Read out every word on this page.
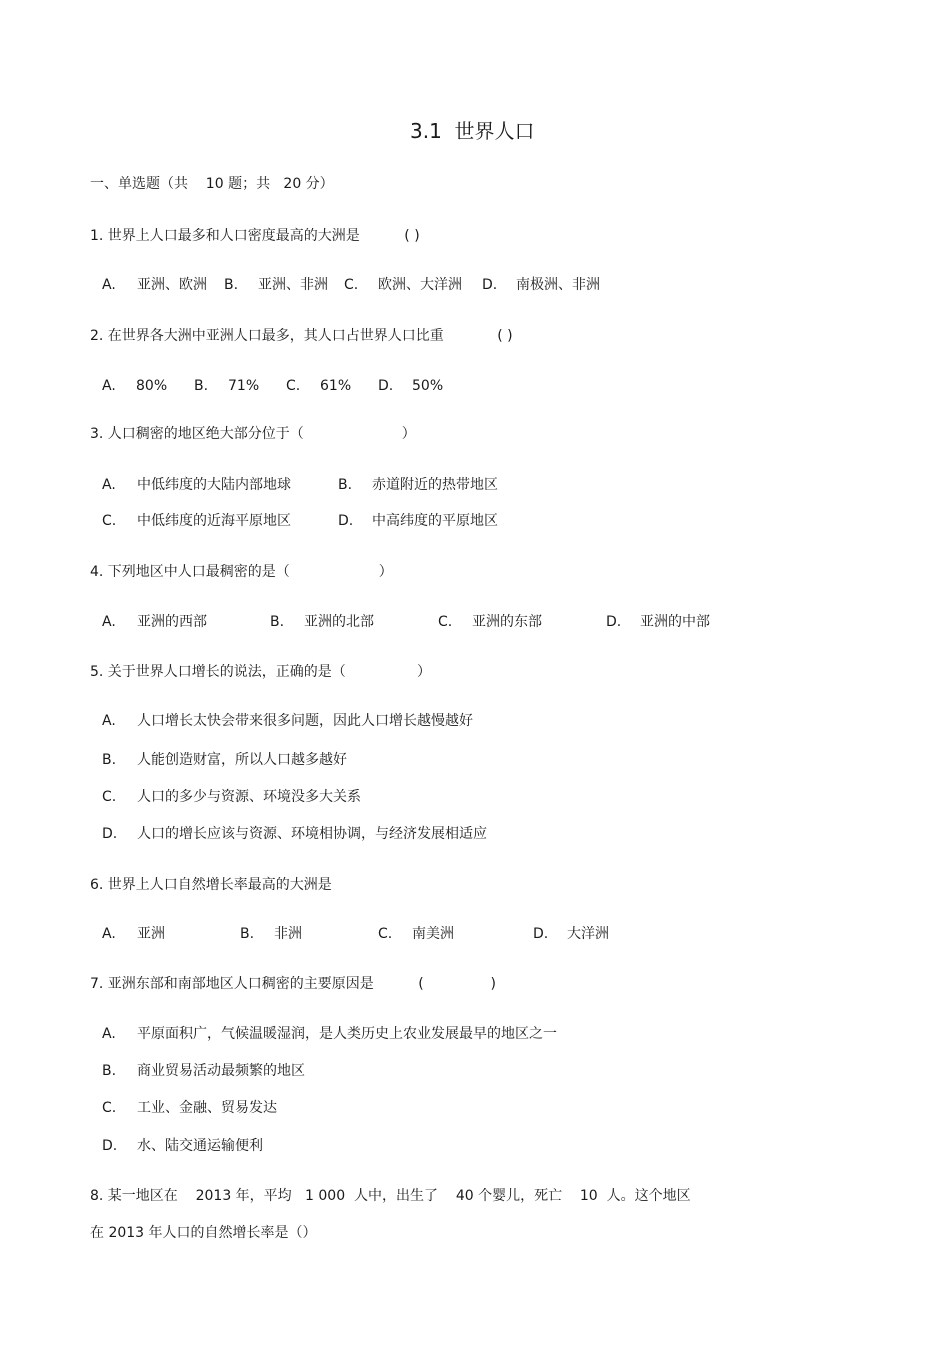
3.1  世界人口
一、单选题（共    10 题；共   20 分）
1. 世界上人口最多和人口密度最高的大洲是          ( )
A. 亚洲、欧洲 B. 亚洲、非洲 C. 欧洲、大洋洲 D. 南极洲、非洲
2. 在世界各大洲中亚洲人口最多，其人口占世界人口比重            ( )
A. 80% B. 71% C. 61% D. 50%
3. 人口稠密的地区绝大部分位于（                      ）
A. 中低纬度的大陆内部地球	B. 赤道附近的热带地区
C. 中低纬度的近海平原地区	D. 中高纬度的平原地区
4. 下列地区中人口最稠密的是（                    ）
A. 亚洲的西部	B. 亚洲的北部	C. 亚洲的东部	D. 亚洲的中部
5. 关于世界人口增长的说法，正确的是（                ）
A. 人口增长太快会带来很多问题，因此人口增长越慢越好
B. 人能创造财富，所以人口越多越好
C. 人口的多少与资源、环境没多大关系
D. 人口的增长应该与资源、环境相协调，与经济发展相适应
6. 世界上人口自然增长率最高的大洲是
A. 亚洲	B. 非洲	C. 南美洲	D. 大洋洲
7. 亚洲东部和南部地区人口稠密的主要原因是          (               )
A. 平原面积广，气候温暖湿润，是人类历史上农业发展最早的地区之一
B. 商业贸易活动最频繁的地区
C. 工业、金融、贸易发达
D. 水、陆交通运输便利
8. 某一地区在    2013 年，平均   1 000  人中，出生了    40 个婴儿，死亡    10  人。这个地区
在 2013 年人口的自然增长率是（）
